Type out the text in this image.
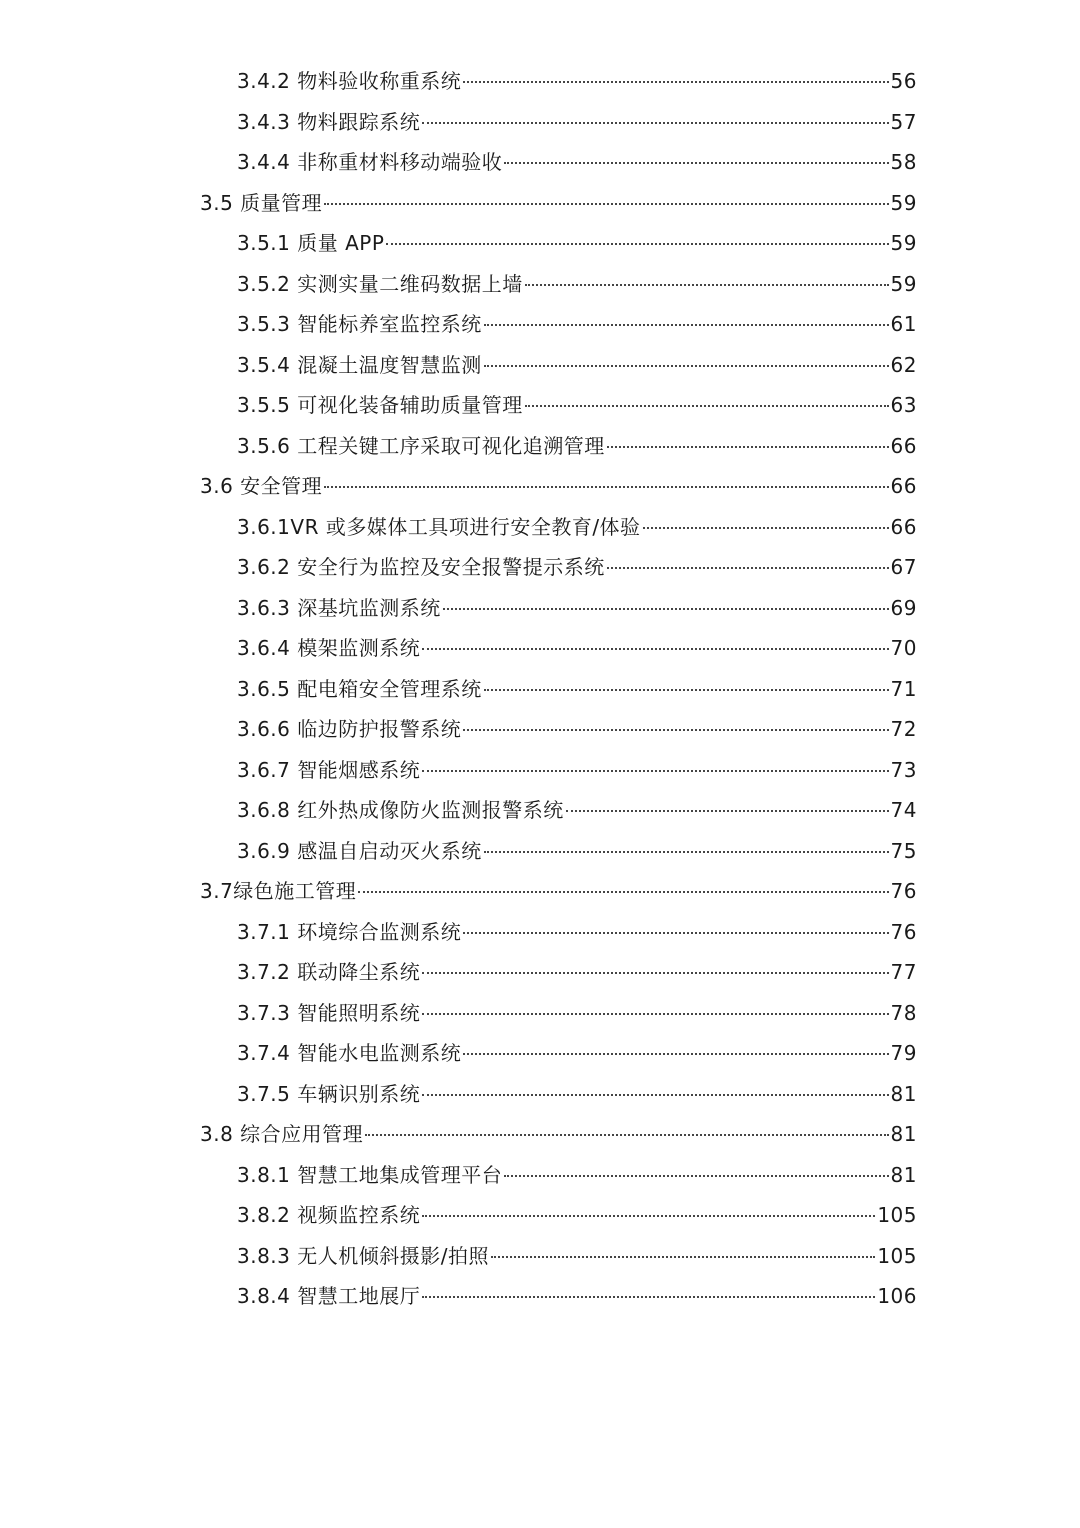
3.4.2 物料验收称重系统	56
3.4.3 物料跟踪系统	57
3.4.4 非称重材料移动端验收	58
3.5 质量管理	59
3.5.1 质量 APP	59
3.5.2 实测实量二维码数据上墙	59
3.5.3 智能标养室监控系统	61
3.5.4 混凝土温度智慧监测	62
3.5.5 可视化装备辅助质量管理	63
3.5.6 工程关键工序采取可视化追溯管理	66
3.6 安全管理	66
3.6.1VR 或多媒体工具项进行安全教育/体验	66
3.6.2 安全行为监控及安全报警提示系统	67
3.6.3 深基坑监测系统	69
3.6.4 模架监测系统	70
3.6.5 配电箱安全管理系统	71
3.6.6 临边防护报警系统	72
3.6.7 智能烟感系统	73
3.6.8 红外热成像防火监测报警系统	74
3.6.9 感温自启动灭火系统	75
3.7绿色施工管理	76
3.7.1 环境综合监测系统	76
3.7.2 联动降尘系统	77
3.7.3 智能照明系统	78
3.7.4 智能水电监测系统	79
3.7.5 车辆识别系统	81
3.8 综合应用管理	81
3.8.1 智慧工地集成管理平台	81
3.8.2 视频监控系统	105
3.8.3 无人机倾斜摄影/拍照	105
3.8.4 智慧工地展厅	106
